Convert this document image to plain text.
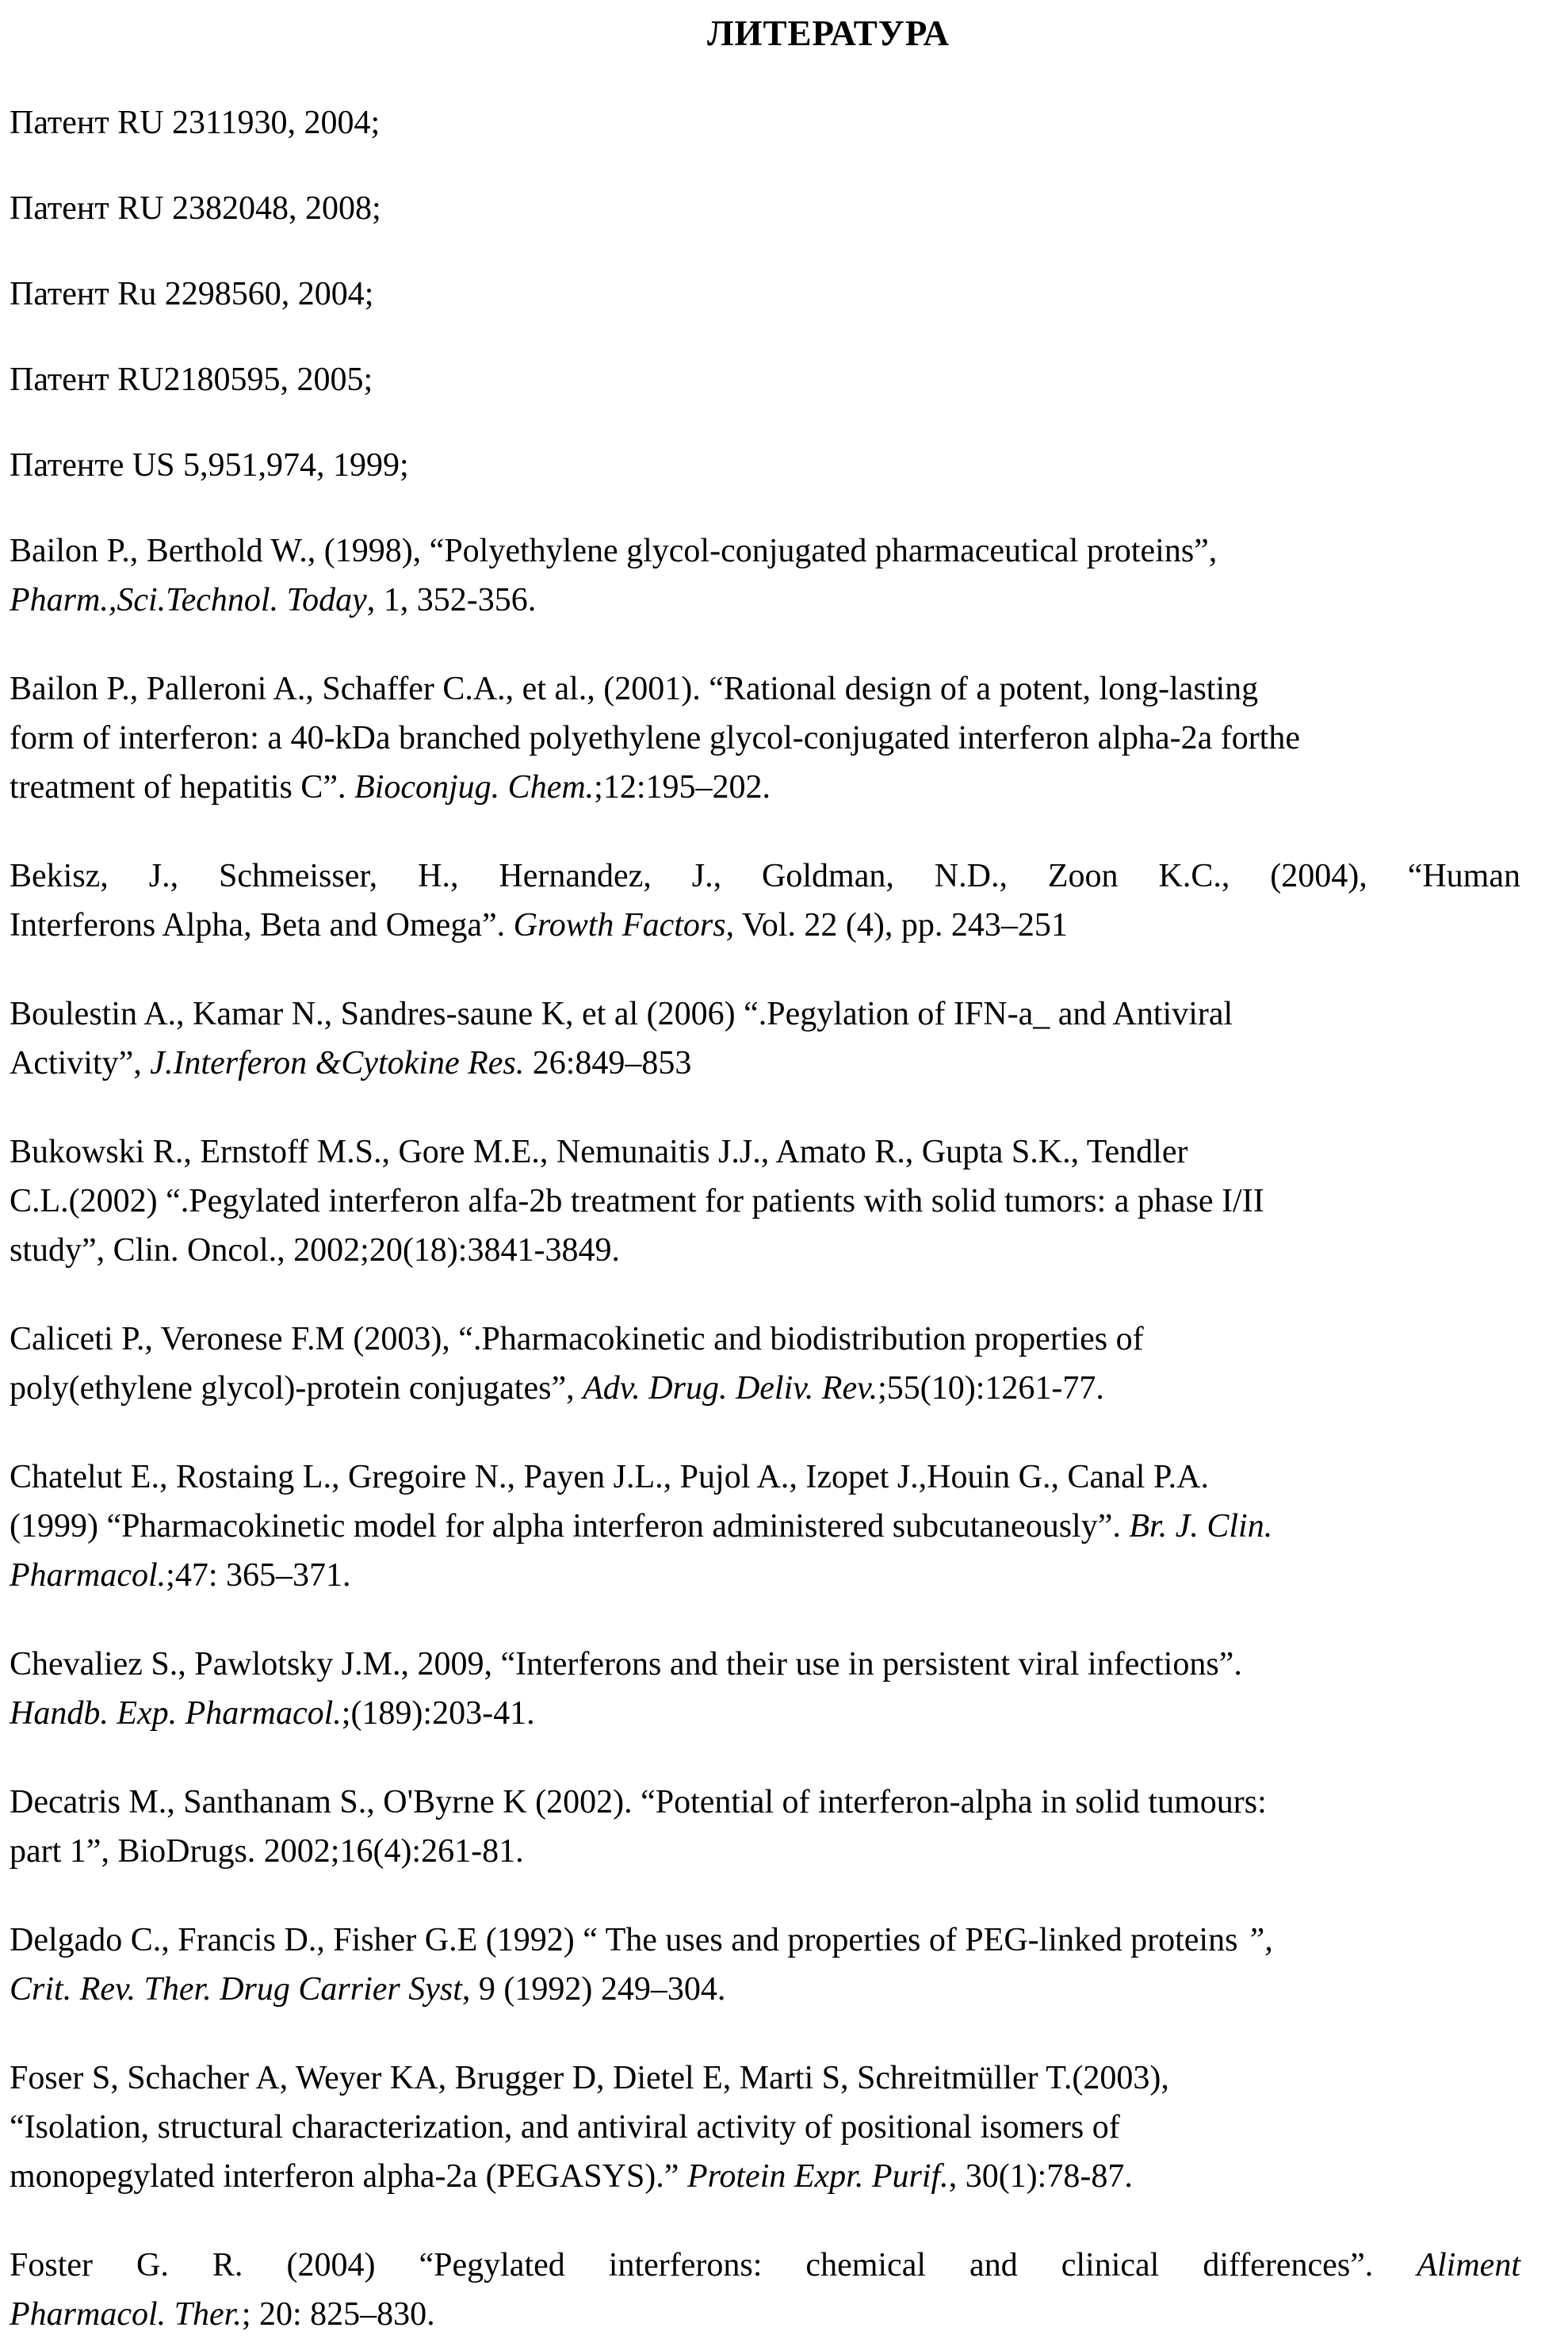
ЛИТЕРАТУРА
Патент RU 2311930, 2004;
Патент RU 2382048, 2008;
Патент Ru 2298560, 2004;
Патент RU2180595, 2005;
Патенте US 5,951,974, 1999;
Bailon P., Berthold W., (1998), “Polyethylene glycol-conjugated pharmaceutical proteins”,
Pharm.,Sci.Technol. Today, 1, 352-356.
Bailon P., Palleroni A., Schaffer C.A., et al., (2001). “Rational design of a potent, long-lasting
form of interferon: a 40-kDa branched polyethylene glycol-conjugated interferon alpha-2a forthe
treatment of hepatitis C”. Bioconjug. Chem.;12:195–202.
Bekisz, J., Schmeisser, H., Hernandez, J., Goldman, N.D., Zoon K.C., (2004), “Human
Interferons Alpha, Beta and Omega”. Growth Factors, Vol. 22 (4), pp. 243–251
Boulestin A., Kamar N., Sandres-saune K, et al (2006) “.Pegylation of IFN-a_ and Antiviral
Activity”, J.Interferon &Cytokine Res. 26:849–853
Bukowski R., Ernstoff M.S., Gore M.E., Nemunaitis J.J., Amato R., Gupta S.K., Tendler
C.L.(2002) “.Pegylated interferon alfa-2b treatment for patients with solid tumors: a phase I/II
study”, Clin. Oncol., 2002;20(18):3841-3849.
Caliceti P., Veronese F.M (2003), “.Pharmacokinetic and biodistribution properties of
poly(ethylene glycol)-protein conjugates”, Adv. Drug. Deliv. Rev.;55(10):1261-77.
Chatelut E., Rostaing L., Gregoire N., Payen J.L., Pujol A., Izopet J.,Houin G., Canal P.A.
(1999) “Pharmacokinetic model for alpha interferon administered subcutaneously”. Br. J. Clin.
Pharmacol.;47: 365–371.
Chevaliez S., Pawlotsky J.M., 2009, “Interferons and their use in persistent viral infections”.
Handb. Exp. Pharmacol.;(189):203-41.
Decatris M., Santhanam S., O'Byrne K (2002). “Potential of interferon-alpha in solid tumours:
part 1”, BioDrugs. 2002;16(4):261-81.
Delgado C., Francis D., Fisher G.E (1992) “ The uses and properties of PEG-linked proteins ”,
Crit. Rev. Ther. Drug Carrier Syst, 9 (1992) 249–304.
Foser S, Schacher A, Weyer KA, Brugger D, Dietel E, Marti S, Schreitmüller T.(2003),
“Isolation, structural characterization, and antiviral activity of positional isomers of
monopegylated interferon alpha-2a (PEGASYS).” Protein Expr. Purif., 30(1):78-87.
Foster G. R. (2004) “Pegylated interferons: chemical and clinical differences”. Aliment
Pharmacol. Ther.; 20: 825–830.
